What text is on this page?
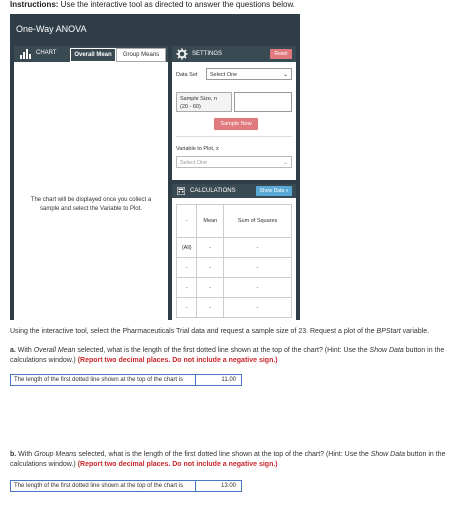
Instructions: Use the interactive tool as directed to answer the questions below.
One-Way ANOVA
CHART	Overall Mean	Group Means
The chart will be displayed once you collect a sample and select the Variable to Plot.
SETTINGS	Reset
Data Set	Select One	⌄
Sample Size, n
(20 - 60)
Sample Now
Variable to Plot, x
Select One	⌄
CALCULATIONS	Show Data »
-	Mean	Sum of Squares
(All)	-	-
-	-	-
-	-	-
-	-	-
Using the interactive tool, select the Pharmaceuticals Trial data and request a sample size of 23. Request a plot of the BPStart variable.
a. With Overall Mean selected, what is the length of the first dotted line shown at the top of the chart? (Hint: Use the Show Data button in the calculations window.) (Report two decimal places. Do not include a negative sign.)
The length of the first dotted line shown at the top of the chart is	11.00
b. With Group Means selected, what is the length of the first dotted line shown at the top of the chart? (Hint: Use the Show Data button in the calculations window.) (Report two decimal places. Do not include a negative sign.)
The length of the first dotted line shown at the top of the chart is	13.00
